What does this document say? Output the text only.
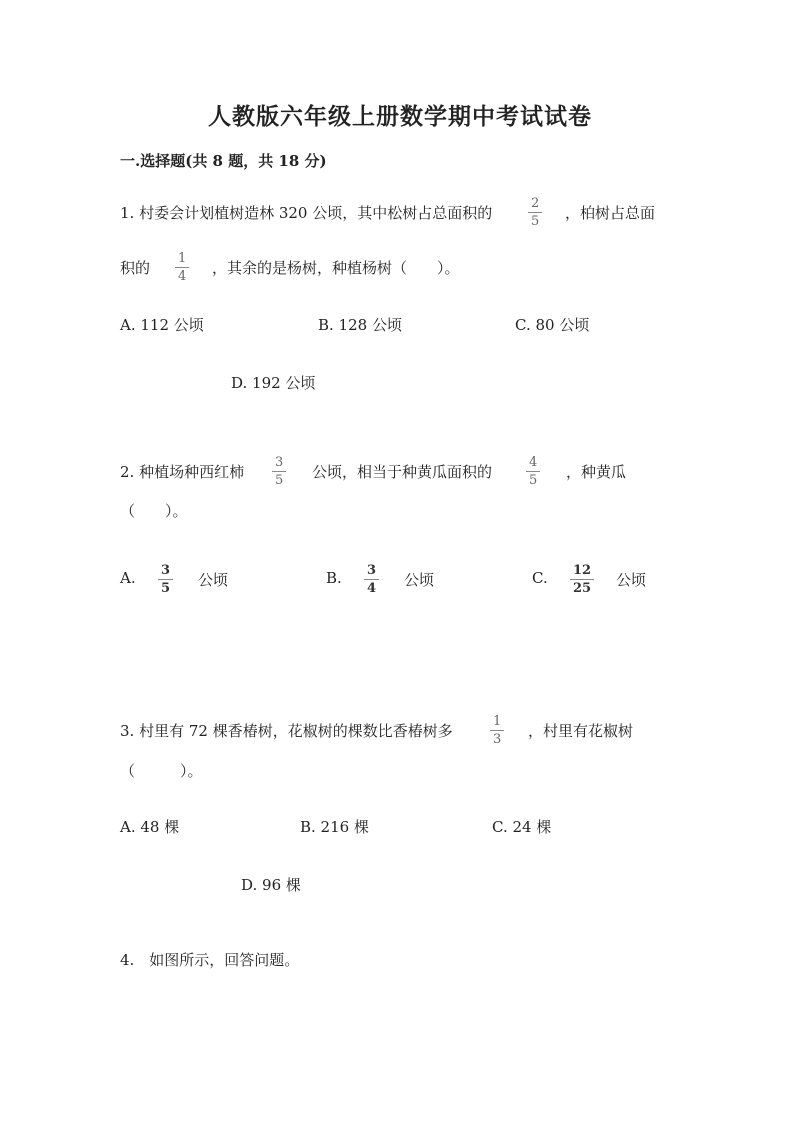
人教版六年级上册数学期中考试试卷
一.选择题(共 8 题，共 18 分)
1. 村委会计划植树造林 320 公顷，其中松树占总面积的	$\frac{2}{5}$ ，柏树占总面
积的 $\frac{1}{4}$ ，其余的是杨树，种植杨树（　　）。
A. 112 公顷	B. 128 公顷	C. 80 公顷
D. 192 公顷
2. 种植场种西红柿 $\frac{3}{5}$ 公顷，相当于种黄瓜面积的	$\frac{4}{5}$ ，种黄瓜
（　　）。
A. $\frac{3}{5}$ 公顷	B. $\frac{3}{4}$ 公顷	C. $\frac{12}{25}$ 公顷
3. 村里有 72 棵香椿树，花椒树的棵数比香椿树多	$\frac{1}{3}$ ，村里有花椒树
（　　　）。
A. 48 棵	B. 216 棵	C. 24 棵
D. 96 棵
4.　如图所示，回答问题。
